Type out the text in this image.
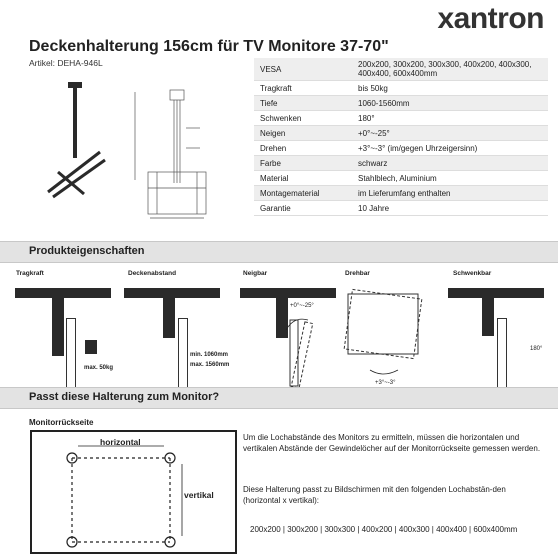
xantron
Deckenhalterung 156cm für TV Monitore 37-70"
Artikel: DEHA-946L
VESA	200x200, 300x200, 300x300, 400x200, 400x300, 400x400, 600x400mm
Tragkraft	bis 50kg
Tiefe	1060-1560mm
Schwenken	180°
Neigen	+0°~-25°
Drehen	+3°~-3° (im/gegen Uhrzeigersinn)
Farbe	schwarz
Material	Stahlblech, Aluminium
Montagematerial	im Lieferumfang enthalten
Garantie	10 Jahre
Produkteigenschaften
Tragkraft	Deckenabstand	Neigbar	Drehbar	Schwenkbar
max. 50kg
min. 1060mm
max. 1560mm
+0°~-25°
+3°~-3°
180°
Passt diese Halterung zum Monitor?
Monitorrückseite
horizontal
vertikal
Um die Lochabstände des Monitors zu ermitteln, müssen die horizontalen und vertikalen Abstände der Gewindelöcher auf der Monitorrückseite gemessen werden.
Diese Halterung passt zu Bildschirmen mit den folgenden Lochabstän-den (horizontal x vertikal):
200x200 | 300x200 | 300x300 | 400x200 | 400x300 | 400x400 | 600x400mm
